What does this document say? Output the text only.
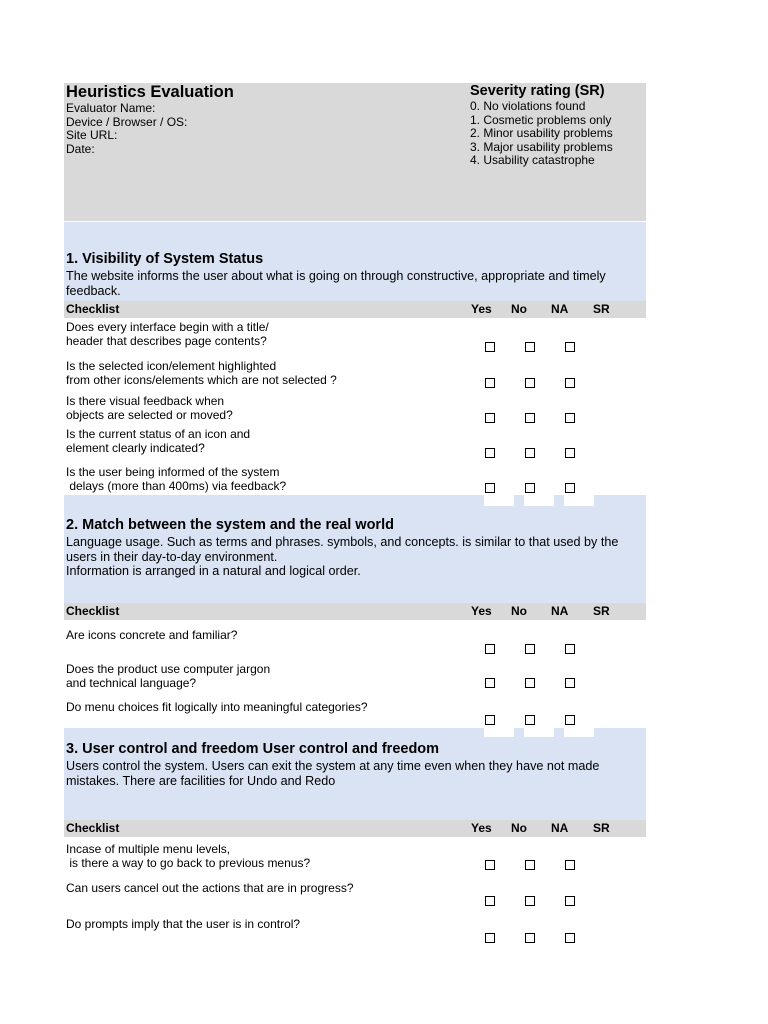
Heuristics Evaluation
Evaluator Name:
Device / Browser / OS:
Site URL:
Date:
Severity rating (SR)
0. No violations found
1. Cosmetic problems only
2. Minor usability problems
3. Major usability problems
4. Usability catastrophe
1. Visibility of System Status
The website informs the user about what is going on through constructive, appropriate and timely feedback.
Checklist	Yes No NA SR
Does every interface begin with a title/
header that describes page contents?
Is the selected icon/element highlighted
from other icons/elements which are not selected ?
Is there visual feedback when
objects are selected or moved?
Is the current status of an icon and
element clearly indicated?
Is the user being informed of the system
delays (more than 400ms) via feedback?
2. Match between the system and the real world
Language usage. Such as terms and phrases. symbols, and concepts. is similar to that used by the users in their day-to-day environment.
Information is arranged in a natural and logical order.
Checklist	Yes No NA SR
Are icons concrete and familiar?
Does the product use computer jargon
and technical language?
Do menu choices fit logically into meaningful categories?
3. User control and freedom User control and freedom
Users control the system. Users can exit the system at any time even when they have not made mistakes. There are facilities for Undo and Redo
Checklist	Yes No NA SR
Incase of multiple menu levels,
is there a way to go back to previous menus?
Can users cancel out the actions that are in progress?
Do prompts imply that the user is in control?
